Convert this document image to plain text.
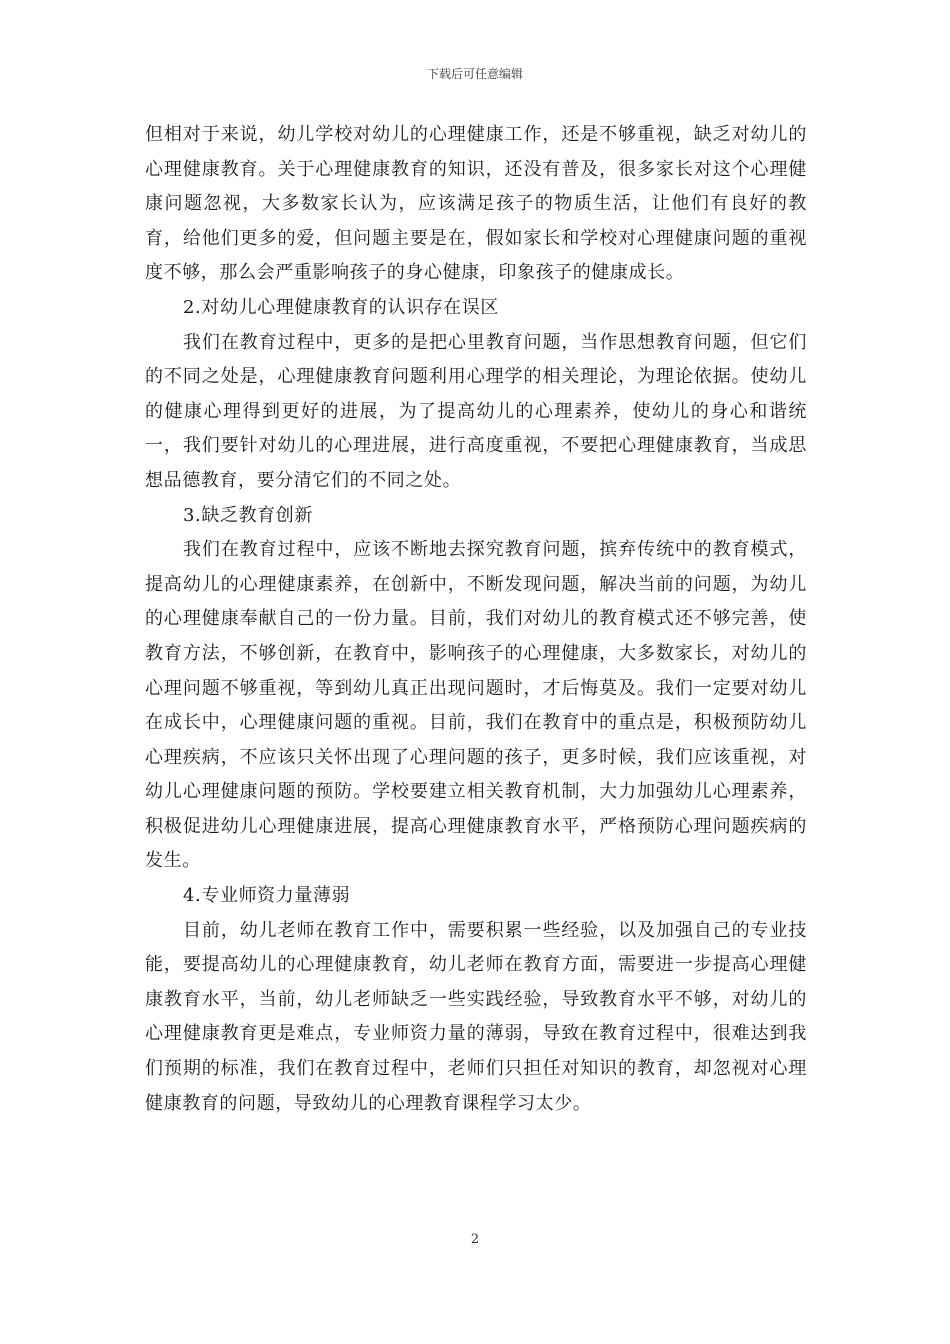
下载后可任意编辑

但相对于来说，幼儿学校对幼儿的心理健康工作，还是不够重视，缺乏对幼儿的心理健康教育。关于心理健康教育的知识，还没有普及，很多家长对这个心理健康问题忽视，大多数家长认为，应该满足孩子的物质生活，让他们有良好的教育，给他们更多的爱，但问题主要是在，假如家长和学校对心理健康问题的重视度不够，那么会严重影响孩子的身心健康，印象孩子的健康成长。

2.对幼儿心理健康教育的认识存在误区

我们在教育过程中，更多的是把心里教育问题，当作思想教育问题，但它们的不同之处是，心理健康教育问题利用心理学的相关理论，为理论依据。使幼儿的健康心理得到更好的进展，为了提高幼儿的心理素养，使幼儿的身心和谐统一，我们要针对幼儿的心理进展，进行高度重视，不要把心理健康教育，当成思想品德教育，要分清它们的不同之处。

3.缺乏教育创新

我们在教育过程中，应该不断地去探究教育问题，摈弃传统中的教育模式，提高幼儿的心理健康素养，在创新中，不断发现问题，解决当前的问题，为幼儿的心理健康奉献自己的一份力量。目前，我们对幼儿的教育模式还不够完善，使教育方法，不够创新，在教育中，影响孩子的心理健康，大多数家长，对幼儿的心理问题不够重视，等到幼儿真正出现问题时，才后悔莫及。我们一定要对幼儿在成长中，心理健康问题的重视。目前，我们在教育中的重点是，积极预防幼儿心理疾病，不应该只关怀出现了心理问题的孩子，更多时候，我们应该重视，对幼儿心理健康问题的预防。学校要建立相关教育机制，大力加强幼儿心理素养，积极促进幼儿心理健康进展，提高心理健康教育水平，严格预防心理问题疾病的发生。

4.专业师资力量薄弱

目前，幼儿老师在教育工作中，需要积累一些经验，以及加强自己的专业技能，要提高幼儿的心理健康教育，幼儿老师在教育方面，需要进一步提高心理健康教育水平，当前，幼儿老师缺乏一些实践经验，导致教育水平不够，对幼儿的心理健康教育更是难点，专业师资力量的薄弱，导致在教育过程中，很难达到我们预期的标准，我们在教育过程中，老师们只担任对知识的教育，却忽视对心理健康教育的问题，导致幼儿的心理教育课程学习太少。

2
